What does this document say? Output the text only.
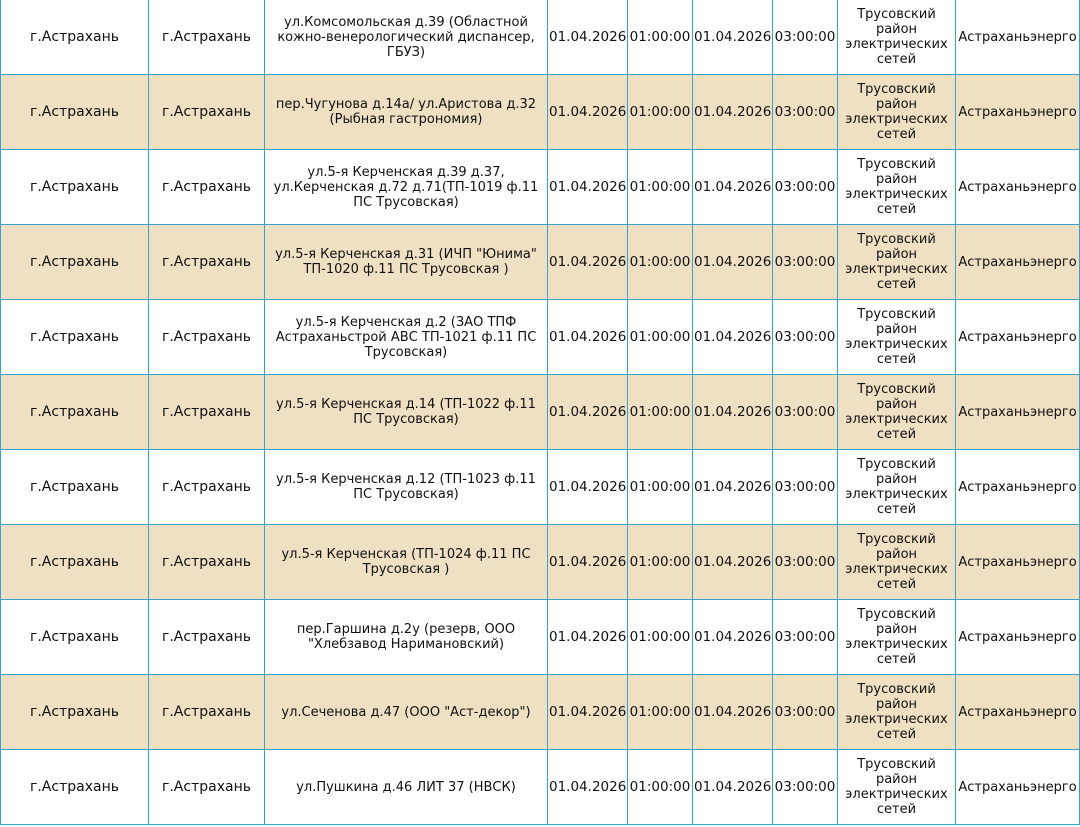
г.Астрахань	г.Астрахань	ул.Комсомольская д.39 (Областной кожно-венерологический диспансер, ГБУЗ)	01.04.2026	01:00:00	01.04.2026	03:00:00	Трусовский район электрических сетей	Астраханьэнерго

г.Астрахань	г.Астрахань	пер.Чугунова д.14а/ ул.Аристова д.32 (Рыбная гастрономия)	01.04.2026	01:00:00	01.04.2026	03:00:00	Трусовский район электрических сетей	Астраханьэнерго

г.Астрахань	г.Астрахань	ул.5-я Керченская д.39 д.37, ул.Керченская д.72 д.71(ТП-1019 ф.11 ПС Трусовская)	01.04.2026	01:00:00	01.04.2026	03:00:00	Трусовский район электрических сетей	Астраханьэнерго

г.Астрахань	г.Астрахань	ул.5-я Керченская д.31 (ИЧП "Юнима" ТП-1020 ф.11 ПС Трусовская )	01.04.2026	01:00:00	01.04.2026	03:00:00	Трусовский район электрических сетей	Астраханьэнерго

г.Астрахань	г.Астрахань	ул.5-я Керченская д.2 (ЗАО ТПФ Астраханьстрой АВС ТП-1021 ф.11 ПС Трусовская)	01.04.2026	01:00:00	01.04.2026	03:00:00	Трусовский район электрических сетей	Астраханьэнерго

г.Астрахань	г.Астрахань	ул.5-я Керченская д.14 (ТП-1022 ф.11 ПС Трусовская)	01.04.2026	01:00:00	01.04.2026	03:00:00	Трусовский район электрических сетей	Астраханьэнерго

г.Астрахань	г.Астрахань	ул.5-я Керченская д.12 (ТП-1023 ф.11 ПС Трусовская)	01.04.2026	01:00:00	01.04.2026	03:00:00	Трусовский район электрических сетей	Астраханьэнерго

г.Астрахань	г.Астрахань	ул.5-я Керченская (ТП-1024 ф.11 ПС Трусовская )	01.04.2026	01:00:00	01.04.2026	03:00:00	Трусовский район электрических сетей	Астраханьэнерго

г.Астрахань	г.Астрахань	пер.Гаршина д.2у (резерв, ООО "Хлебзавод Наримановский)	01.04.2026	01:00:00	01.04.2026	03:00:00	Трусовский район электрических сетей	Астраханьэнерго

г.Астрахань	г.Астрахань	ул.Сеченова д.47 (ООО "Аст-декор")	01.04.2026	01:00:00	01.04.2026	03:00:00	Трусовский район электрических сетей	Астраханьэнерго

г.Астрахань	г.Астрахань	ул.Пушкина д.46 ЛИТ 37 (НВСК)	01.04.2026	01:00:00	01.04.2026	03:00:00	Трусовский район электрических сетей	Астраханьэнерго
